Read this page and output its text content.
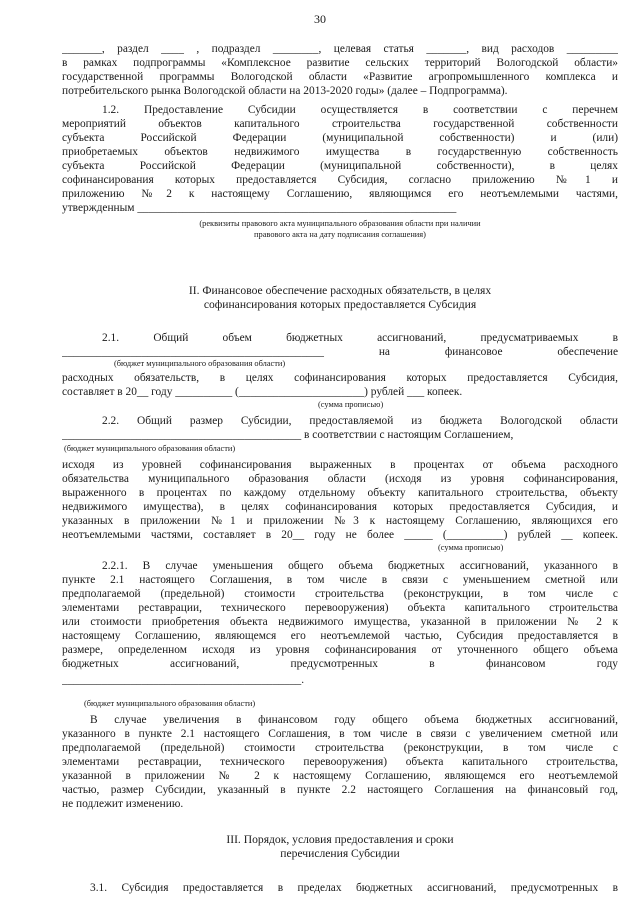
30
_______, раздел ____ , подраздел ________, целевая статья _______, вид расходов _________
в рамках подпрограммы «Комплексное развитие сельских территорий Вологодской области»
государственной программы Вологодской области «Развитие агропромышленного комплекса и
потребительского рынка Вологодской области на 2013-2020 годы» (далее – Подпрограмма).
1.2. Предоставление Субсидии осуществляется в соответствии с перечнем
мероприятий объектов капитального строительства государственной собственности
субъекта Российской Федерации (муниципальной собственности) и (или)
приобретаемых объектов недвижимого имущества в государственную собственность
субъекта Российской Федерации (муниципальной собственности), в целях
софинансирования которых предоставляется Субсидия, согласно приложению №1 и
приложению №2 к настоящему Соглашению, являющимся его неотъемлемыми частями,
утвержденным ________________________________________________________
(реквизиты правового акта муниципального образования области при наличии
правового акта на дату подписания соглашения)
II. Финансовое обеспечение расходных обязательств, в целях
софинансирования которых предоставляется Субсидия
2.1. Общий объем бюджетных ассигнований, предусматриваемых в
______________________________________________ на финансовое обеспечение
(бюджет муниципального образования области)
расходных обязательств, в целях софинансирования которых предоставляется Субсидия,
составляет в 20__ году __________ (______________________) рублей ___ копеек.
(сумма прописью)
2.2. Общий размер Субсидии, предоставляемой из бюджета Вологодской области
__________________________________________ в соответствии с настоящим Соглашением,
(бюджет муниципального образования области)
исходя из уровней софинансирования выраженных в процентах от объема расходного
обязательства муниципального образования области (исходя из уровня софинансирования,
выраженного в процентах по каждому отдельному объекту капитального строительства, объекту
недвижимого имущества), в целях софинансирования которых предоставляется Субсидия, и
указанных в приложении №1 и приложении №3 к настоящему Соглашению, являющихся его
неотъемлемыми частями, составляет в 20__ году не более _____ (__________) рублей __ копеек.
(сумма прописью)
2.2.1. В случае уменьшения общего объема бюджетных ассигнований, указанного в
пункте 2.1 настоящего Соглашения, в том числе в связи с уменьшением сметной или
предполагаемой (предельной) стоимости строительства (реконструкции, в том числе с
элементами реставрации, технического перевооружения) объекта капитального строительства
или стоимости приобретения объекта недвижимого имущества, указанной в приложении № 2 к
настоящему Соглашению, являющемся его неотъемлемой частью, Субсидия предоставляется в
размере, определенном исходя из уровня софинансирования от уточненного общего объема
бюджетных ассигнований, предусмотренных в финансовом году
__________________________________________.
(бюджет муниципального образования области)
В случае увеличения в финансовом году общего объема бюджетных ассигнований,
указанного в пункте 2.1 настоящего Соглашения, в том числе в связи с увеличением сметной или
предполагаемой (предельной) стоимости строительства (реконструкции, в том числе с
элементами реставрации, технического перевооружения) объекта капитального строительства,
указанной в приложении № 2 к настоящему Соглашению, являющемся его неотъемлемой
частью, размер Субсидии, указанный в пункте 2.2 настоящего Соглашения на финансовый год,
не подлежит изменению.
III. Порядок, условия предоставления и сроки
перечисления Субсидии
3.1. Субсидия предоставляется в пределах бюджетных ассигнований, предусмотренных в
